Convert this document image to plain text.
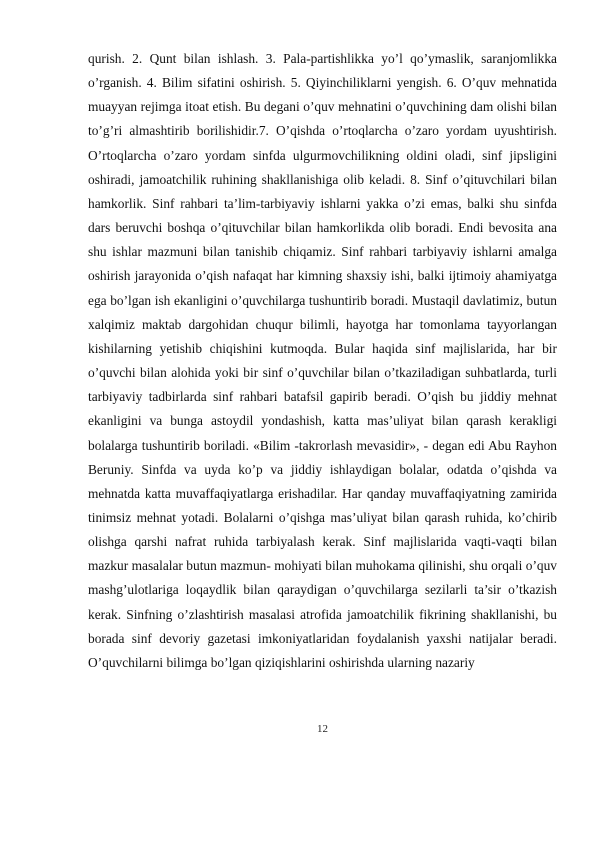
qurish. 2. Qunt bilan ishlash. 3. Pala-partishlikka yo’l qo’ymaslik, saranjomlikka o’rganish. 4. Bilim sifatini oshirish. 5. Qiyinchiliklarni yengish. 6. O’quv mehnatida muayyan rejimga itoat etish. Bu degani o’quv mehnatini o’quvchining dam olishi bilan to’g’ri almashtirib borilishidir.7. O’qishda o’rtoqlarcha o’zaro yordam uyushtirish. O’rtoqlarcha o’zaro yordam sinfda ulgurmovchilikning oldini oladi, sinf jipsligini oshiradi, jamoatchilik ruhining shakllanishiga olib keladi. 8. Sinf o’qituvchilari bilan hamkorlik. Sinf rahbari ta’lim-tarbiyaviy ishlarni yakka o’zi emas, balki shu sinfda dars beruvchi boshqa o’qituvchilar bilan hamkorlikda olib boradi. Endi bevosita ana shu ishlar mazmuni bilan tanishib chiqamiz. Sinf rahbari tarbiyaviy ishlarni amalga oshirish jarayonida o’qish nafaqat har kimning shaxsiy ishi, balki ijtimoiy ahamiyatga ega bo’lgan ish ekanligini o’quvchilarga tushuntirib boradi. Mustaqil davlatimiz, butun xalqimiz maktab dargohidan chuqur bilimli, hayotga har tomonlama tayyorlangan kishilarning yetishib chiqishini kutmoqda. Bular haqida sinf majlislarida, har bir o’quvchi bilan alohida yoki bir sinf o’quvchilar bilan o’tkaziladigan suhbatlarda, turli tarbiyaviy tadbirlarda sinf rahbari batafsil gapirib beradi. O’qish bu jiddiy mehnat ekanligini va bunga astoydil yondashish, katta mas’uliyat bilan qarash kerakligi bolalarga tushuntirib boriladi. «Bilim -takrorlash mevasidir», - degan edi Abu Rayhon Beruniy. Sinfda va uyda ko’p va jiddiy ishlaydigan bolalar, odatda o’qishda va mehnatda katta muvaffaqiyatlarga erishadilar. Har qanday muvaffaqiyatning zamirida tinimsiz mehnat yotadi. Bolalarni o’qishga mas’uliyat bilan qarash ruhida, ko’chirib olishga qarshi nafrat ruhida tarbiyalash kerak. Sinf majlislarida vaqti-vaqti bilan mazkur masalalar butun mazmun- mohiyati bilan muhokama qilinishi, shu orqali o’quv mashg’ulotlariga loqaydlik bilan qaraydigan o’quvchilarga sezilarli ta’sir o’tkazish kerak. Sinfning o’zlashtirish masalasi atrofida jamoatchilik fikrining shakllanishi, bu borada sinf devoriy gazetasi imkoniyatlaridan foydalanish yaxshi natijalar beradi. O’quvchilarni bilimga bo’lgan qiziqishlarini oshirishda ularning nazariy

12
